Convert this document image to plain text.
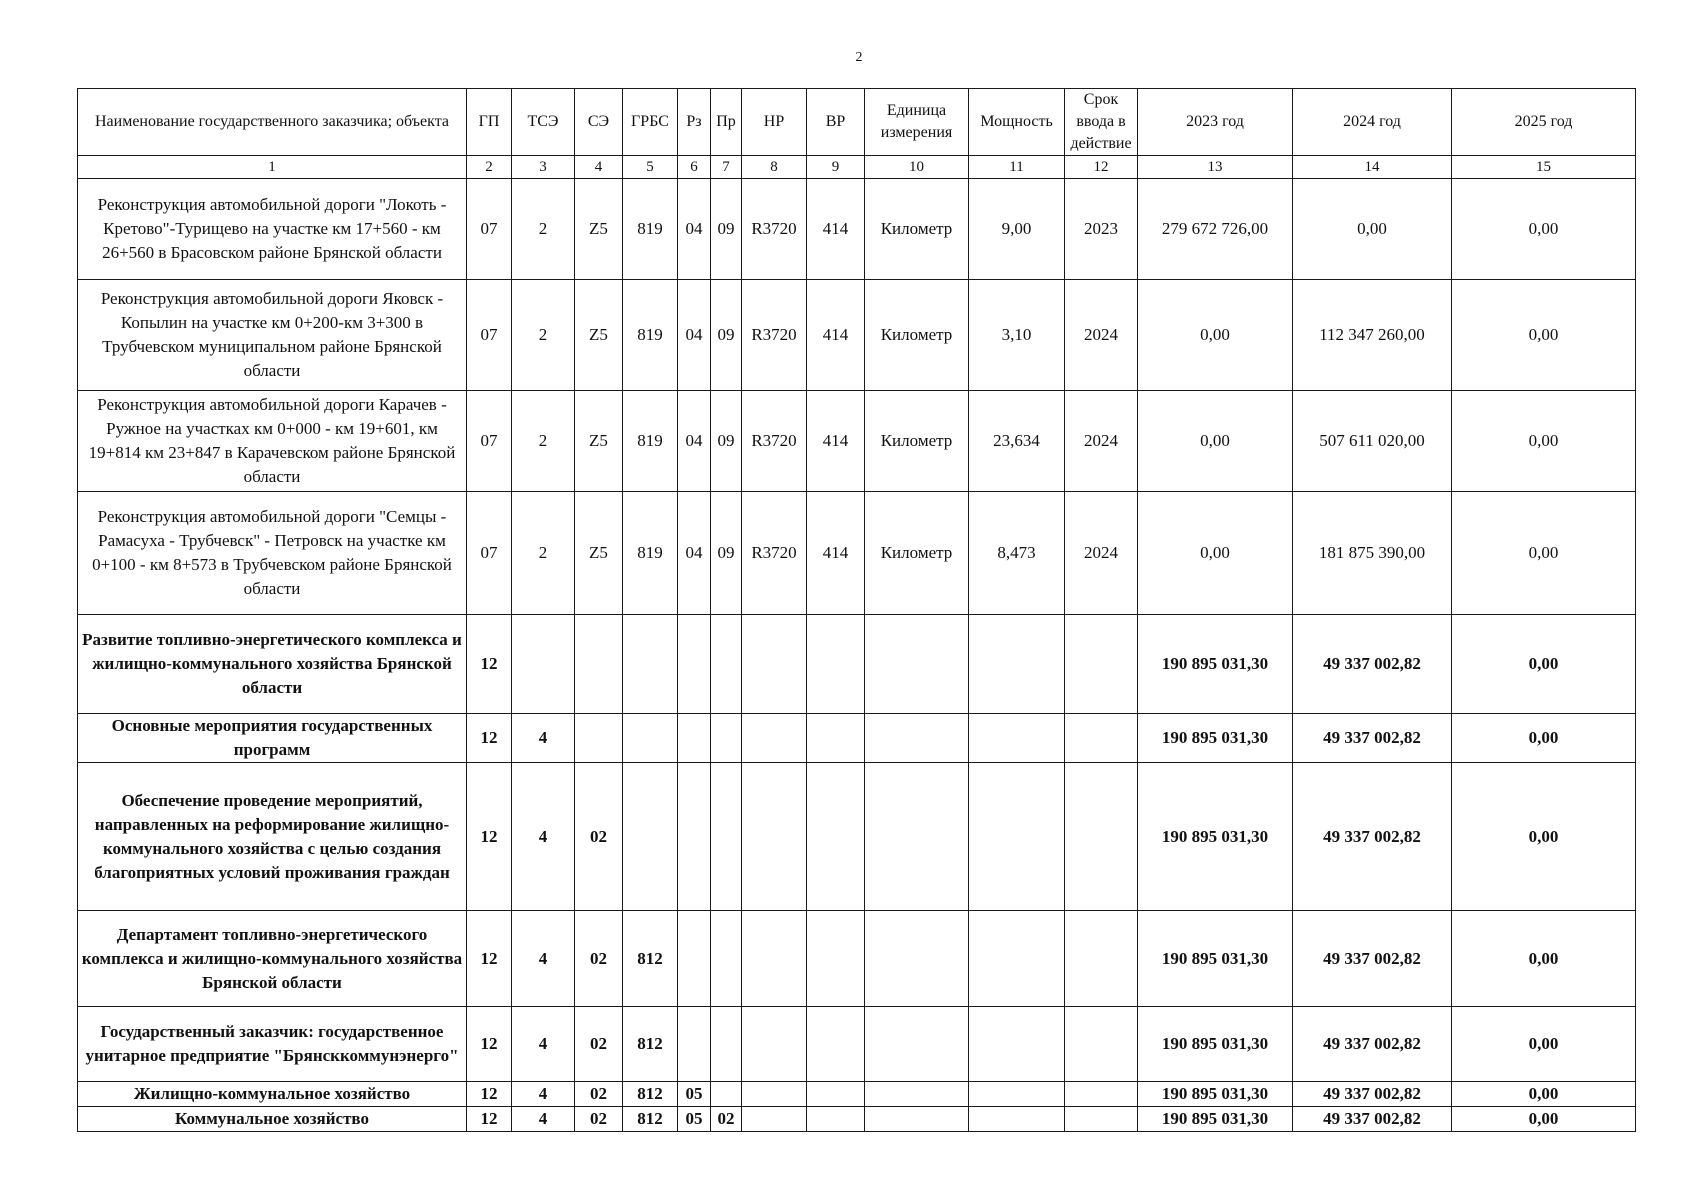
2
Наименование государственного заказчика; объекта	ГП	ТСЭ	СЭ	ГРБС	Рз	Пр	НР	ВР	Единица измерения	Мощность	Срок ввода в действие	2023 год	2024 год	2025 год
1	2	3	4	5	6	7	8	9	10	11	12	13	14	15
Реконструкция автомобильной дороги "Локоть - Кретово"-Турищево на участке км 17+560 - км 26+560 в Брасовском районе Брянской области	07	2	Z5	819	04	09	R3720	414	Километр	9,00	2023	279 672 726,00	0,00	0,00
Реконструкция автомобильной дороги Яковск - Копылин на участке км 0+200-км 3+300 в Трубчевском муниципальном районе Брянской области	07	2	Z5	819	04	09	R3720	414	Километр	3,10	2024	0,00	112 347 260,00	0,00
Реконструкция автомобильной дороги Карачев - Ружное на участках км 0+000 - км 19+601, км 19+814 км 23+847 в Карачевском районе Брянской области	07	2	Z5	819	04	09	R3720	414	Километр	23,634	2024	0,00	507 611 020,00	0,00
Реконструкция автомобильной дороги "Семцы - Рамасуха - Трубчевск" - Петровск на участке км 0+100 - км 8+573 в Трубчевском районе Брянской области	07	2	Z5	819	04	09	R3720	414	Километр	8,473	2024	0,00	181 875 390,00	0,00
Развитие топливно-энергетического комплекса и жилищно-коммунального хозяйства Брянской области	12											190 895 031,30	49 337 002,82	0,00
Основные мероприятия государственных программ	12	4										190 895 031,30	49 337 002,82	0,00
Обеспечение проведение мероприятий, направленных на реформирование жилищно-коммунального хозяйства с целью создания благоприятных условий проживания граждан	12	4	02									190 895 031,30	49 337 002,82	0,00
Департамент топливно-энергетического комплекса и жилищно-коммунального хозяйства Брянской области	12	4	02	812								190 895 031,30	49 337 002,82	0,00
Государственный заказчик: государственное унитарное предприятие "Брянсккоммунэнерго"	12	4	02	812								190 895 031,30	49 337 002,82	0,00
Жилищно-коммунальное хозяйство	12	4	02	812	05							190 895 031,30	49 337 002,82	0,00
Коммунальное хозяйство	12	4	02	812	05	02						190 895 031,30	49 337 002,82	0,00
